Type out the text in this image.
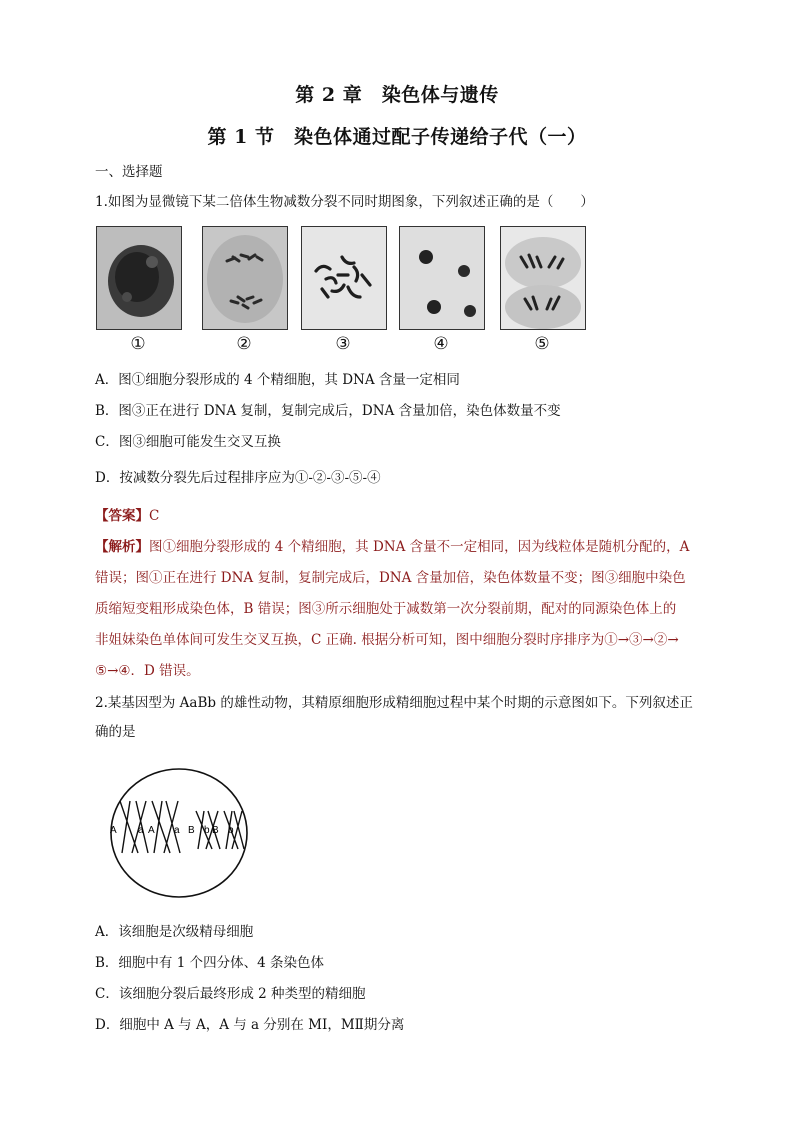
第 2 章　染色体与遗传
第 1 节　染色体通过配子传递给子代（一）
一、选择题
1.如图为显微镜下某二倍体生物减数分裂不同时期图象，下列叙述正确的是（　　）
①	②	③	④	⑤
A．图①细胞分裂形成的 4 个精细胞，其 DNA 含量一定相同
B．图③正在进行 DNA 复制，复制完成后，DNA 含量加倍，染色体数量不变
C．图③细胞可能发生交叉互换
D．按减数分裂先后过程排序应为①-②-③-⑤-④
【答案】C
【解析】图①细胞分裂形成的 4 个精细胞，其 DNA 含量不一定相同，因为线粒体是随机分配的，A
错误；图①正在进行 DNA 复制，复制完成后，DNA 含量加倍，染色体数量不变；图③细胞中染色
质缩短变粗形成染色体，B 错误；图③所示细胞处于减数第一次分裂前期，配对的同源染色体上的
非姐妹染色单体间可发生交叉互换，C 正确. 根据分析可知，图中细胞分裂时序排序为①→③→②→
⑤→④．D 错误。
2.某基因型为 AaBb 的雄性动物，其精原细胞形成精细胞过程中某个时期的示意图如下。下列叙述正
确的是
A	A
a	a B B
b b
A．该细胞是次级精母细胞
B．细胞中有 1 个四分体、4 条染色体
C．该细胞分裂后最终形成 2 种类型的精细胞
D．细胞中 A 与 A，A 与 a 分别在 MⅠ，MⅡ期分离
